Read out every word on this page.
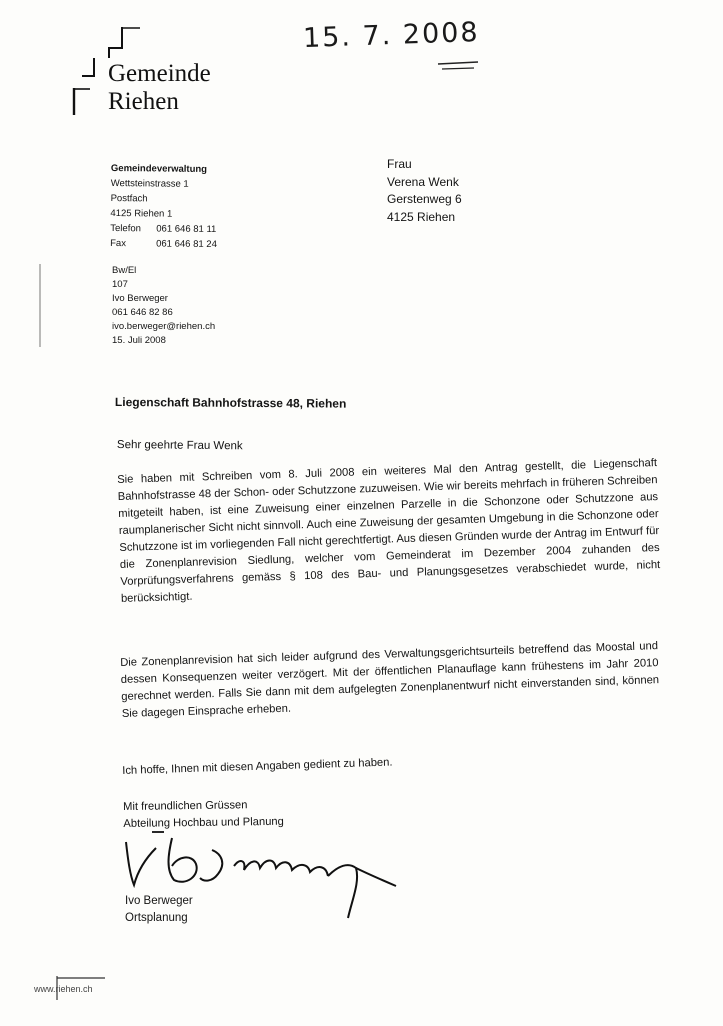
15. 7. 2008
Gemeinde
Riehen
Gemeindeverwaltung
Wettsteinstrasse 1
Postfach
4125 Riehen 1
Telefon 061 646 81 11
Fax	061 646 81 24
Frau
Verena Wenk
Gerstenweg 6
4125 Riehen
Bw/El
107
Ivo Berweger
061 646 82 86
ivo.berweger@riehen.ch
15. Juli 2008
Liegenschaft Bahnhofstrasse 48, Riehen
Sehr geehrte Frau Wenk
Sie haben mit Schreiben vom 8. Juli 2008 ein weiteres Mal den Antrag gestellt, die Liegenschaft Bahnhofstrasse 48 der Schon- oder Schutzzone zuzuweisen. Wie wir bereits mehrfach in früheren Schreiben mitgeteilt haben, ist eine Zuweisung einer einzelnen Parzelle in die Schonzone oder Schutzzone aus raumplanerischer Sicht nicht sinnvoll. Auch eine Zuweisung der gesamten Umgebung in die Schonzone oder Schutzzone ist im vorliegenden Fall nicht gerechtfertigt. Aus diesen Gründen wurde der Antrag im Entwurf für die Zonenplanrevision Siedlung, welcher vom Gemeinderat im Dezember 2004 zuhanden des Vorprüfungsverfahrens gemäss § 108 des Bau- und Planungsgesetzes verabschiedet wurde, nicht berücksichtigt.
Die Zonenplanrevision hat sich leider aufgrund des Verwaltungsgerichtsurteils betreffend das Moostal und dessen Konsequenzen weiter verzögert. Mit der öffentlichen Planauflage kann frühestens im Jahr 2010 gerechnet werden. Falls Sie dann mit dem aufgelegten Zonenplanentwurf nicht einverstanden sind, können Sie dagegen Einsprache erheben.
Ich hoffe, Ihnen mit diesen Angaben gedient zu haben.
Mit freundlichen Grüssen
Abteilung Hochbau und Planung
Ivo Berweger
Ortsplanung
www.riehen.ch
